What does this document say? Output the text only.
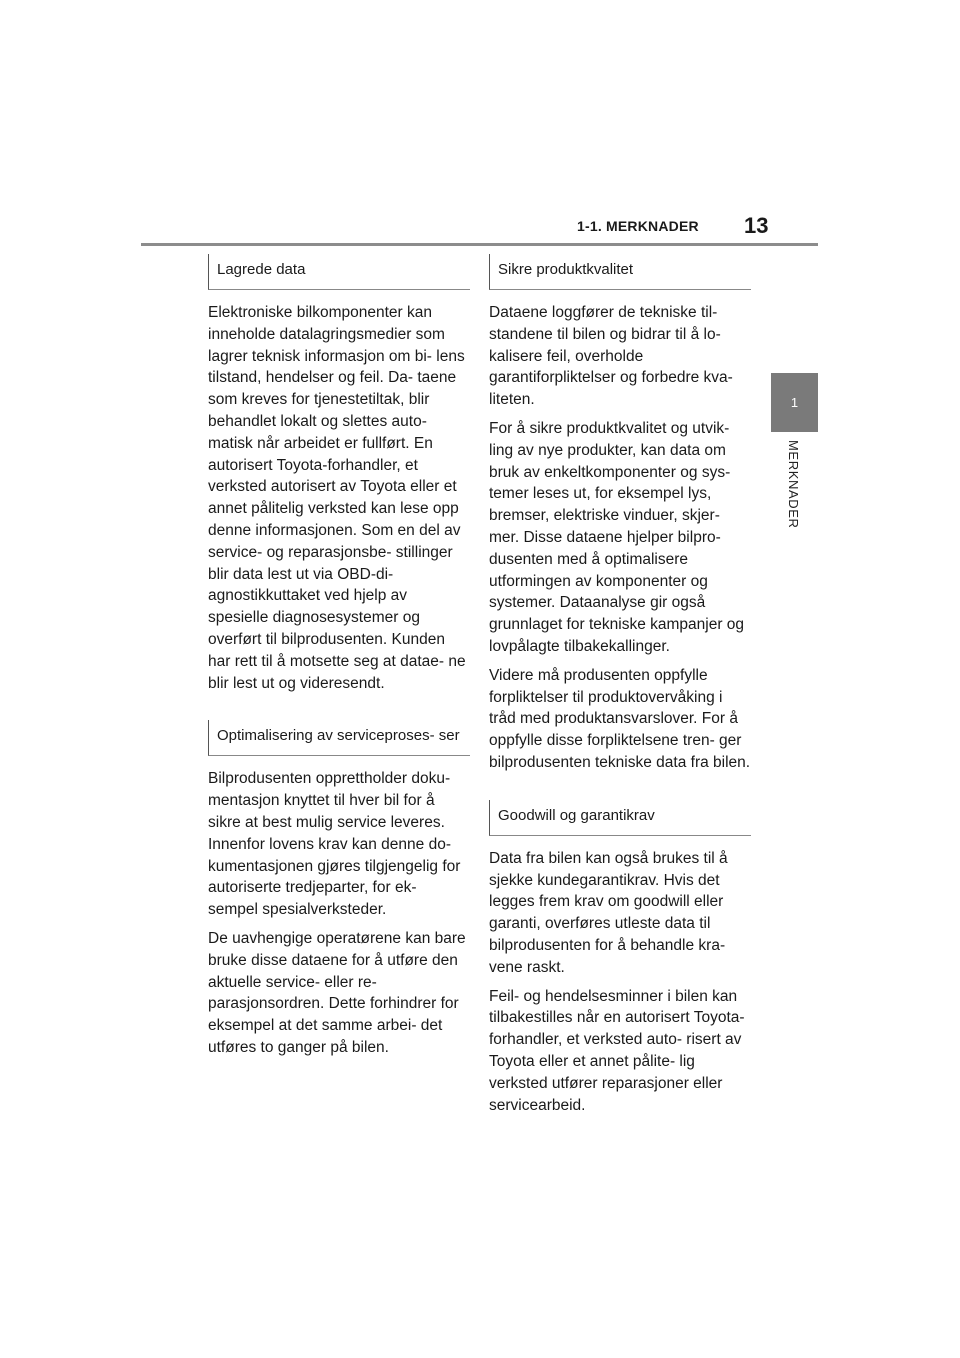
1-1. MERKNADER 13
1
MERKNADER
Lagrede data

Elektroniske bilkomponenter kan inneholde datalagringsmedier som lagrer teknisk informasjon om bi- lens tilstand, hendelser og feil. Da- taene som kreves for tjenestetiltak, blir behandlet lokalt og slettes auto- matisk når arbeidet er fullført. En autorisert Toyota-forhandler, et verksted autorisert av Toyota eller et annet pålitelig verksted kan lese opp denne informasjonen. Som en del av service- og reparasjonsbe- stillinger blir data lest ut via OBD-di- agnostikkuttaket ved hjelp av spesielle diagnosesystemer og overført til bilprodusenten. Kunden har rett til å motsette seg at datae- ne blir lest ut og videresendt.

Optimalisering av serviceproses- ser

Bilprodusenten opprettholder doku- mentasjon knyttet til hver bil for å sikre at best mulig service leveres. Innenfor lovens krav kan denne do- kumentasjonen gjøres tilgjengelig for autoriserte tredjeparter, for ek- sempel spesialverksteder.

De uavhengige operatørene kan bare bruke disse dataene for å utføre den aktuelle service- eller re- parasjonsordren. Dette forhindrer for eksempel at det samme arbei- det utføres to ganger på bilen.

Sikre produktkvalitet

Dataene loggfører de tekniske til- standene til bilen og bidrar til å lo- kalisere feil, overholde garantiforpliktelser og forbedre kva- liteten.

For å sikre produktkvalitet og utvik- ling av nye produkter, kan data om bruk av enkeltkomponenter og sys- temer leses ut, for eksempel lys, bremser, elektriske vinduer, skjer- mer. Disse dataene hjelper bilpro- dusenten med å optimalisere utformingen av komponenter og systemer. Dataanalyse gir også grunnlaget for tekniske kampanjer og lovpålagte tilbakekallinger.

Videre må produsenten oppfylle forpliktelser til produktovervåking i tråd med produktansvarslover. For å oppfylle disse forpliktelsene tren- ger bilprodusenten tekniske data fra bilen.

Goodwill og garantikrav

Data fra bilen kan også brukes til å sjekke kundegarantikrav. Hvis det legges frem krav om goodwill eller garanti, overføres utleste data til bilprodusenten for å behandle kra- vene raskt.

Feil- og hendelsesminner i bilen kan tilbakestilles når en autorisert Toyota-forhandler, et verksted auto- risert av Toyota eller et annet pålite- lig verksted utfører reparasjoner eller servicearbeid.
